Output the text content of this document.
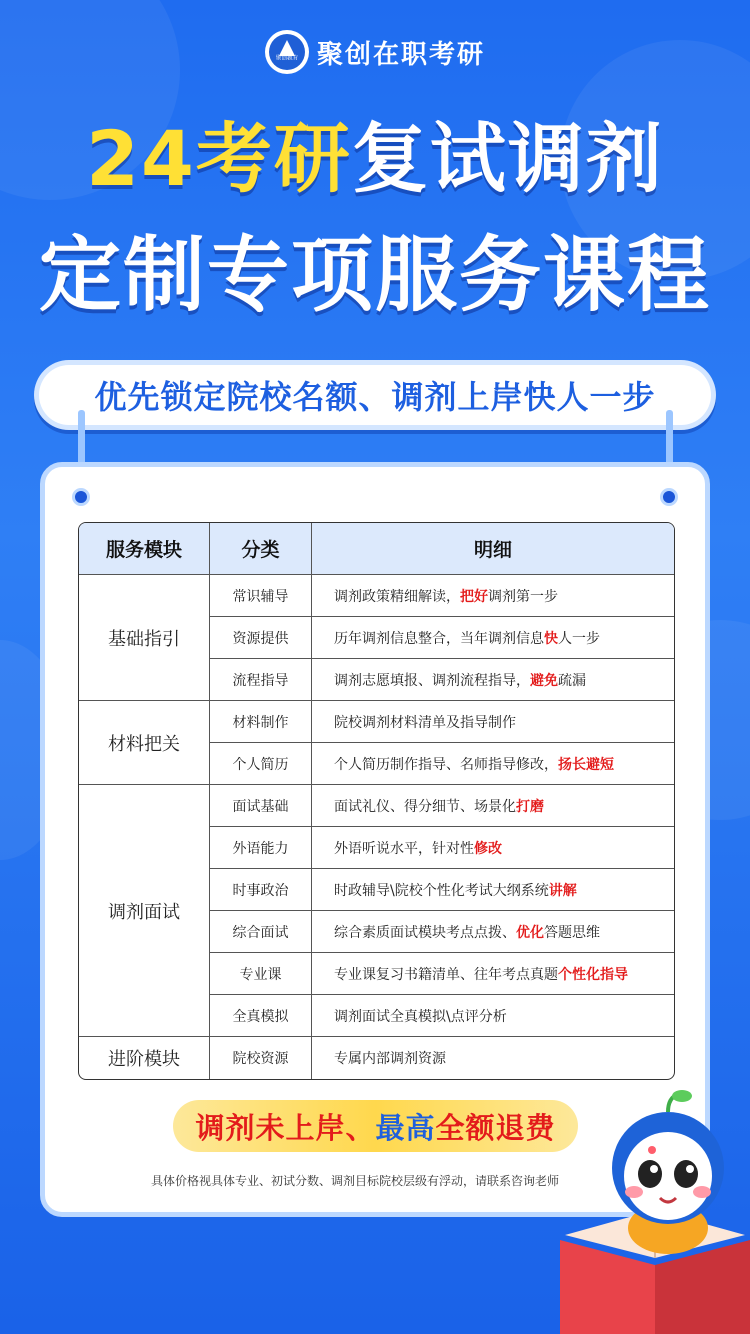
聚创教育 聚创在职考研
24考研复试调剂
定制专项服务课程
优先锁定院校名额、调剂上岸快人一步
服务模块	分类	明细
基础指引	常识辅导	调剂政策精细解读，把好调剂第一步
	资源提供	历年调剂信息整合，当年调剂信息快人一步
	流程指导	调剂志愿填报、调剂流程指导，避免疏漏
材料把关	材料制作	院校调剂材料清单及指导制作
	个人简历	个人简历制作指导、名师指导修改，扬长避短
调剂面试	面试基础	面试礼仪、得分细节、场景化打磨
	外语能力	外语听说水平，针对性修改
	时事政治	时政辅导\院校个性化考试大纲系统讲解
	综合面试	综合素质面试模块考点点拨、优化答题思维
	专业课	专业课复习书籍清单、往年考点真题个性化指导
	全真模拟	调剂面试全真模拟\点评分析
进阶模块	院校资源	专属内部调剂资源
调剂未上岸、 最高 全额退费
具体价格视具体专业、初试分数、调剂目标院校层级有浮动，请联系咨询老师
